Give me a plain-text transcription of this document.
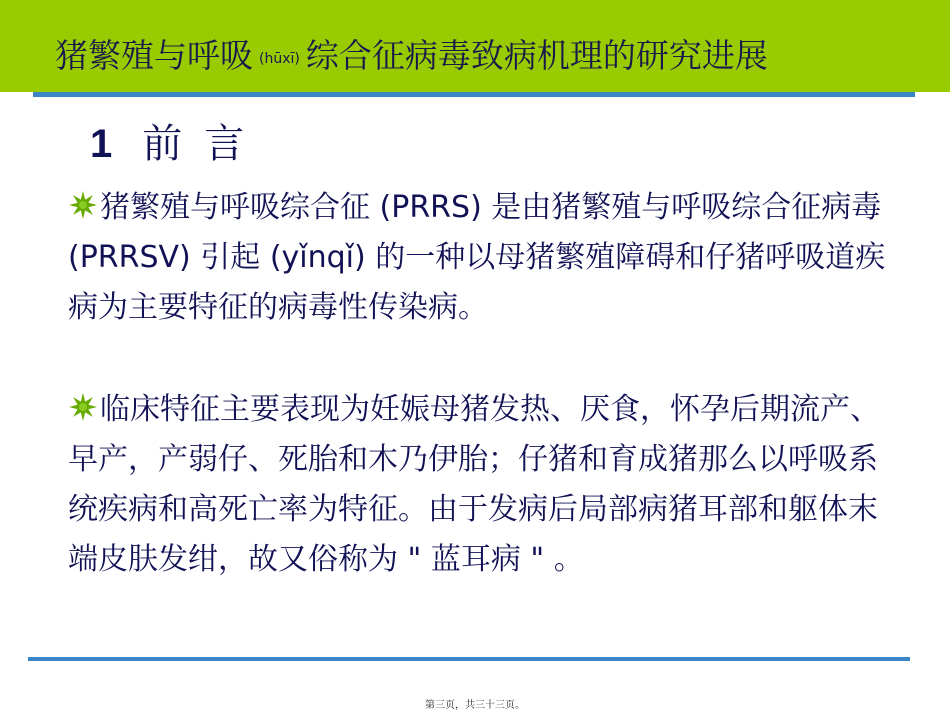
猪繁殖与呼吸 (hūxī) 综合征病毒致病机理的研究进展
1 前言
猪繁殖与呼吸综合征 (PRRS) 是由猪繁殖与呼吸综合征病毒 (PRRSV) 引起 (yǐnqǐ) 的一种以母猪繁殖障碍和仔猪呼吸道疾病为主要特征的病毒性传染病。
临床特征主要表现为妊娠母猪发热、厌食，怀孕后期流产、早产，产弱仔、死胎和木乃伊胎；仔猪和育成猪那么以呼吸系统疾病和高死亡率为特征。由于发病后局部病猪耳部和躯体末端皮肤发绀，故又俗称为 " 蓝耳病 " 。
第三页，共三十三页。
